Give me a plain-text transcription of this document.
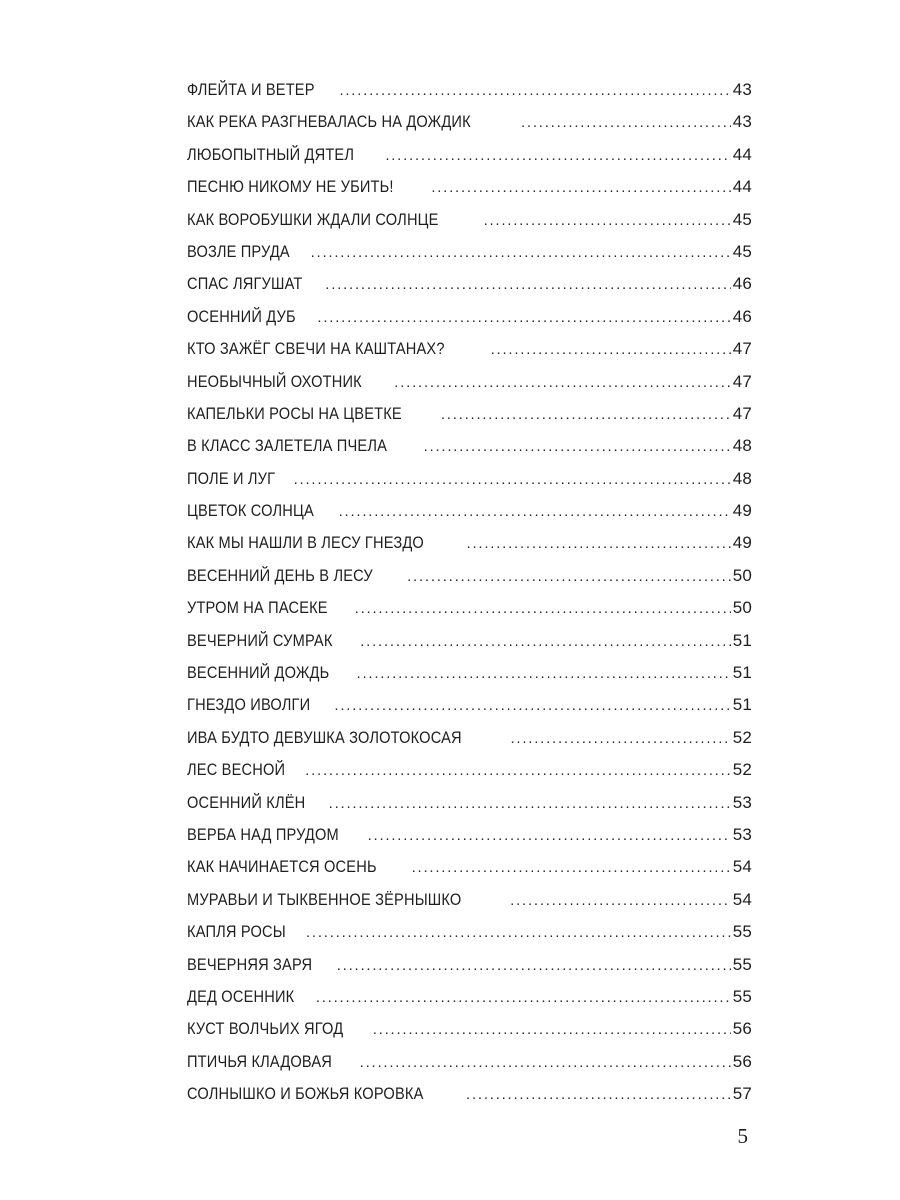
ФЛЕЙТА И ВЕТЕР . . .	43
КАК РЕКА РАЗГНЕВАЛАСЬ НА ДОЖДИК . . .	43
ЛЮБОПЫТНЫЙ ДЯТЕЛ . . .	44
ПЕСНЮ НИКОМУ НЕ УБИТЬ! . . .	44
КАК ВОРОБУШКИ ЖДАЛИ СОЛНЦЕ . . .	45
ВОЗЛЕ ПРУДА . . .	45
СПАС ЛЯГУШАТ . . .	46
ОСЕННИЙ ДУБ . . .	46
КТО ЗАЖЁГ СВЕЧИ НА КАШТАНАХ? . . .	47
НЕОБЫЧНЫЙ ОХОТНИК . . .	47
КАПЕЛЬКИ РОСЫ НА ЦВЕТКЕ . . .	47
В КЛАСС ЗАЛЕТЕЛА ПЧЕЛА . . .	48
ПОЛЕ И ЛУГ . . .	48
ЦВЕТОК СОЛНЦА . . .	49
КАК МЫ НАШЛИ В ЛЕСУ ГНЕЗДО . . .	49
ВЕСЕННИЙ ДЕНЬ В ЛЕСУ . . .	50
УТРОМ НА ПАСЕКЕ . . .	50
ВЕЧЕРНИЙ СУМРАК . . .	51
ВЕСЕННИЙ ДОЖДЬ . . .	51
ГНЕЗДО ИВОЛГИ . . .	51
ИВА БУДТО ДЕВУШКА ЗОЛОТОКОСАЯ . . .	52
ЛЕС ВЕСНОЙ . . .	52
ОСЕННИЙ КЛЁН . . .	53
ВЕРБА НАД ПРУДОМ . . .	53
КАК НАЧИНАЕТСЯ ОСЕНЬ . . .	54
МУРАВЬИ И ТЫКВЕННОЕ ЗЁРНЫШКО . . .	54
КАПЛЯ РОСЫ . . .	55
ВЕЧЕРНЯЯ ЗАРЯ . . .	55
ДЕД ОСЕННИК . . .	55
КУСТ ВОЛЧЬИХ ЯГОД . . .	56
ПТИЧЬЯ КЛАДОВАЯ . . .	56
СОЛНЫШКО И БОЖЬЯ КОРОВКА . . .	57
5
